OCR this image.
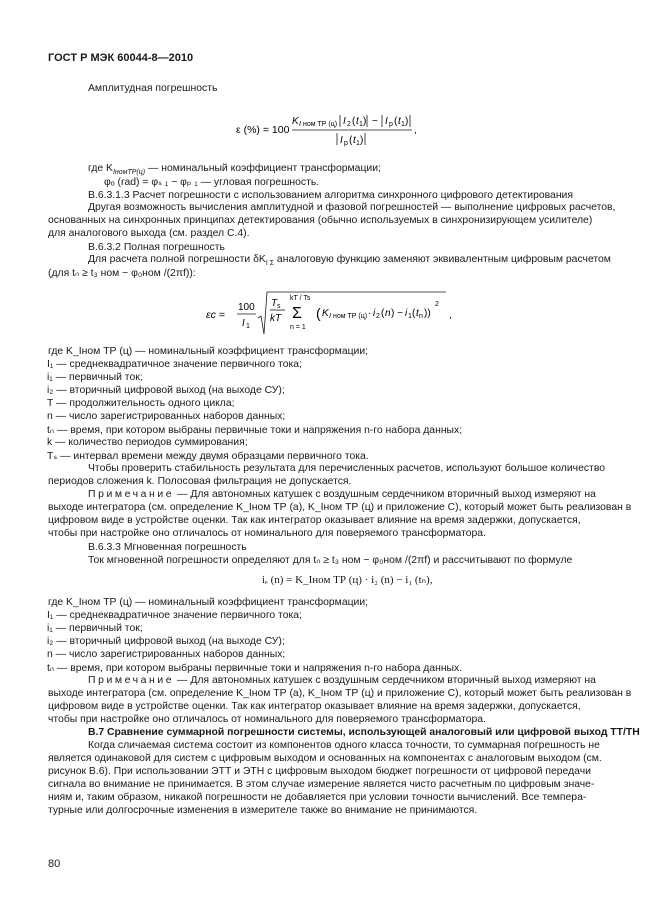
ГОСТ Р МЭК 60044-8—2010
Амплитудная погрешность
ε (%) = 100
K I ном ТР (ц) I 2 ( t 1 ) − I p ( t 1 )
I p ( t 1 )
,
где $K_{IномТР(ц)}$ — номинальный коэффициент трансформации;
φₒ (rad) = φₛ ₁ − φₚ ₁ — угловая погрешность.
В.6.3.1.3 Расчет погрешности с использованием алгоритма синхронного цифрового детектирования
Другая возможность вычисления амплитудной и фазовой погрешностей — выполнение цифровых расчетов,
основанных на синхронных принципах детектирования (обычно используемых в синхронизирующем усилителе)
для аналогового выхода (см. раздел С.4).
В.6.3.2 Полная погрешность
Для расчета полной погрешности $\delta K_{I \Sigma}$ аналоговую функцию заменяют эквивалентным цифровым расчетом
(для tₙ ≥ t₃ ном − φ₀ном /(2πf)):
εc =
100
I 1
T s
kT
kT / Ts
Σ
n = 1
( K I ном ТР (ц) · i 2 ( n ) − i 1 ( t n ))
2
,
где K_Iном ТР (ц) — номинальный коэффициент трансформации;
I₁ — среднеквадратичное значение первичного тока;
i₁ — первичный ток;
i₂ — вторичный цифровой выход (на выходе СУ);
T — продолжительность одного цикла;
n — число зарегистрированных наборов данных;
tₙ — время, при котором выбраны первичные токи и напряжения n-го набора данных;
k — количество периодов суммирования;
Tₛ — интервал времени между двумя образцами первичного тока.
Чтобы проверить стабильность результата для перечисленных расчетов, используют большое количество
периодов сложения k. Полосовая фильтрация не допускается.
Примечание — Для автономных катушек с воздушным сердечником вторичный выход измеряют на
выходе интегратора (см. определение K_Iном ТР (а), K_Iном ТР (ц) и приложение С), который может быть реализован в
цифровом виде в устройстве оценки. Так как интегратор оказывает влияние на время задержки, допускается,
чтобы при настройке оно отличалось от номинального для поверяемого трансформатора.
В.6.3.3 Мгновенная погрешность
Ток мгновенной погрешности определяют для tₙ ≥ t₃ ном − φ₀ном /(2πf) и рассчитывают по формуле
iₑ (n) = K_Iном ТР (ц) · i₂ (n) − i₁ (tₙ),
где K_Iном ТР (ц) — номинальный коэффициент трансформации;
I₁ — среднеквадратичное значение первичного тока;
i₁ — первичный ток;
i₂ — вторичный цифровой выход (на выходе СУ);
n — число зарегистрированных наборов данных;
tₙ — время, при котором выбраны первичные токи и напряжения n-го набора данных.
Примечание — Для автономных катушек с воздушным сердечником вторичный выход измеряют на
выходе интегратора (см. определение K_Iном ТР (а), K_Iном ТР (ц) и приложение С), который может быть реализован в
цифровом виде в устройстве оценки. Так как интегратор оказывает влияние на время задержки, допускается,
чтобы при настройке оно отличалось от номинального для поверяемого трансформатора.
В.7 Сравнение суммарной погрешности системы, использующей аналоговый или цифровой выход ТТ/ТН
Когда сличаемая система состоит из компонентов одного класса точности, то суммарная погрешность не
является одинаковой для систем с цифровым выходом и основанных на компонентах с аналоговым выходом (см.
рисунок В.6). При использовании ЭТТ и ЭТН с цифровым выходом бюджет погрешности от цифровой передачи
сигнала во внимание не принимается. В этом случае измерение является чисто расчетным по цифровым значе-
ниям и, таким образом, никакой погрешности не добавляется при условии точности вычислений. Все темпера-
турные или долгосрочные изменения в измерителе также во внимание не принимаются.
80
